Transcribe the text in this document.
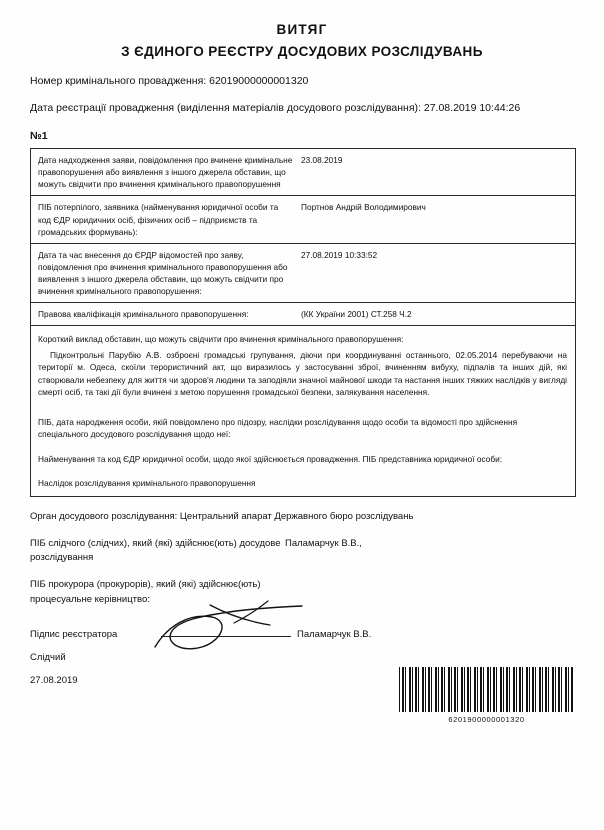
ВИТЯГ
З ЄДИНОГО РЕЄСТРУ ДОСУДОВИХ РОЗСЛІДУВАНЬ
Номер кримінального провадження: 62019000000001320
Дата реєстрації провадження (виділення матеріалів досудового розслідування): 27.08.2019 10:44:26
№1
Дата надходження заяви, повідомлення про вчинене кримінальне правопорушення або виявлення з іншого джерела обставин, що можуть свідчити про вчинення кримінального правопорушення
23.08.2019
ПІБ потерпілого, заявника (найменування юридичної особи та код ЄДР юридичних осіб, фізичних осіб – підприємств та громадських формувань):
Портнов Андрій Володимирович
Дата та час внесення до ЄРДР відомостей про заяву, повідомлення про вчинення кримінального правопорушення або виявлення з іншого джерела обставин, що можуть свідчити про вчинення кримінального правопорушення:
27.08.2019 10:33:52
Правова кваліфікація кримінального правопорушення:	(КК України 2001) СТ.258 Ч.2

Короткий виклад обставин, що можуть свідчити про вчинення кримінального правопорушення:

Підконтрольні Парубію А.В. озброєні громадські групування, діючи при координуванні останнього, 02.05.2014 перебуваючи на території м. Одеса, скоїли терористичний акт, що виразилось у застосуванні зброї, вчиненням вибуху, підпалів та інших дій, які створювали небезпеку для життя чи здоров'я людини та заподіяли значної майнової шкоди та настання інших тяжких наслідків у вигляді смерті осіб, та такі дії були вчинені з метою порушення громадської безпеки, залякування населення.

ПІБ, дата народження особи, якій повідомлено про підозру, наслідки розслідування щодо особи та відомості про здійснення спеціального досудового розслідування щодо неї:
Найменування та код ЄДР юридичної особи, щодо якої здійснюється провадження. ПІБ представника юридичної особи:
Наслідок розслідування кримінального правопорушення
Орган досудового розслідування: Центральний апарат Державного бюро розслідувань
ПІБ слідчого (слідчих), який (які) здійснює(ють) досудове розслідування
Паламарчук В.В.,
ПІБ прокурора (прокурорів), який (які) здійснює(ють) процесуальне керівництво:
Підпис реєстратора	Паламарчук В.В.
Слідчий
27.08.2019
6201900000001320
